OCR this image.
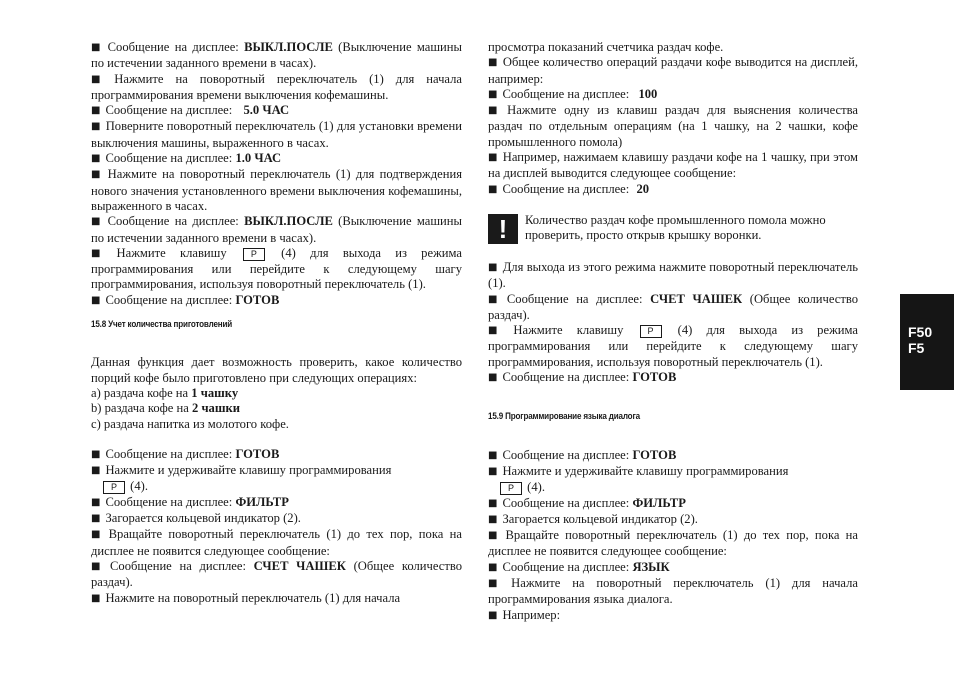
■ Сообщение на дисплее: ВЫКЛ.ПОСЛЕ (Выключение машины по истечении заданного времени в часах).

■ Нажмите на поворотный переключатель (1) для начала программирования времени выключения кофемашины.

■ Сообщение на дисплее: 5.0 ЧАС

■ Поверните поворотный переключатель (1) для установки времени выключения машины, выраженного в часах.

■ Сообщение на дисплее: 1.0 ЧАС

■ Нажмите на поворотный переключатель (1) для подтверждения нового значения установленного времени выключения кофемашины, выраженного в часах.

■ Сообщение на дисплее: ВЫКЛ.ПОСЛЕ (Выключение машины по истечении заданного времени в часах).

■ Нажмите клавишу P (4) для выхода из режима программирования или перейдите к следующему шагу программирования, используя поворотный переключатель (1).

■ Сообщение на дисплее: ГОТОВ

15.8 Учет количества приготовлений

Данная функция дает возможность проверить, какое количество порций кофе было приготовлено при следующих операциях:

a) раздача кофе на 1 чашку

b) раздача кофе на 2 чашки

c) раздача напитка из молотого кофе.

■ Сообщение на дисплее: ГОТОВ

■ Нажмите и удерживайте клавишу программирования
P (4).

■ Сообщение на дисплее: ФИЛЬТР

■ Загорается кольцевой индикатор (2).

■ Вращайте поворотный переключатель (1) до тех пор, пока на дисплее не появится следующее сообщение:

■ Сообщение на дисплее: СЧЕТ ЧАШЕК (Общее количество раздач).

■ Нажмите на поворотный переключатель (1) для начала

просмотра показаний счетчика раздач кофе.

■ Общее количество операций раздачи кофе выводится на дисплей, например:

■ Сообщение на дисплее: 100

■ Нажмите одну из клавиш раздач для выяснения количества раздач по отдельным операциям (на 1 чашку, на 2 чашки, кофе промышленного помола)

■ Например, нажимаем клавишу раздачи кофе на 1 чашку, при этом на дисплей выводится следующее сообщение:

■ Сообщение на дисплее: 20

!	Количество раздач кофе промышленного помола можно проверить, просто открыв крышку воронки.

■ Для выхода из этого режима нажмите поворотный переключатель (1).

■ Сообщение на дисплее: СЧЕТ ЧАШЕК (Общее количество раздач).

■ Нажмите клавишу P (4) для выхода из режима программирования или перейдите к следующему шагу программирования, используя поворотный переключатель (1).

■ Сообщение на дисплее: ГОТОВ

15.9 Программирование языка диалога

■ Сообщение на дисплее: ГОТОВ

■ Нажмите и удерживайте клавишу программирования
P (4).

■ Сообщение на дисплее: ФИЛЬТР

■ Загорается кольцевой индикатор (2).

■ Вращайте поворотный переключатель (1) до тех пор, пока на дисплее не появится следующее сообщение:

■ Сообщение на дисплее: ЯЗЫК

■ Нажмите на поворотный переключатель (1) для начала программирования языка диалога.

■ Например:

F50
F5
